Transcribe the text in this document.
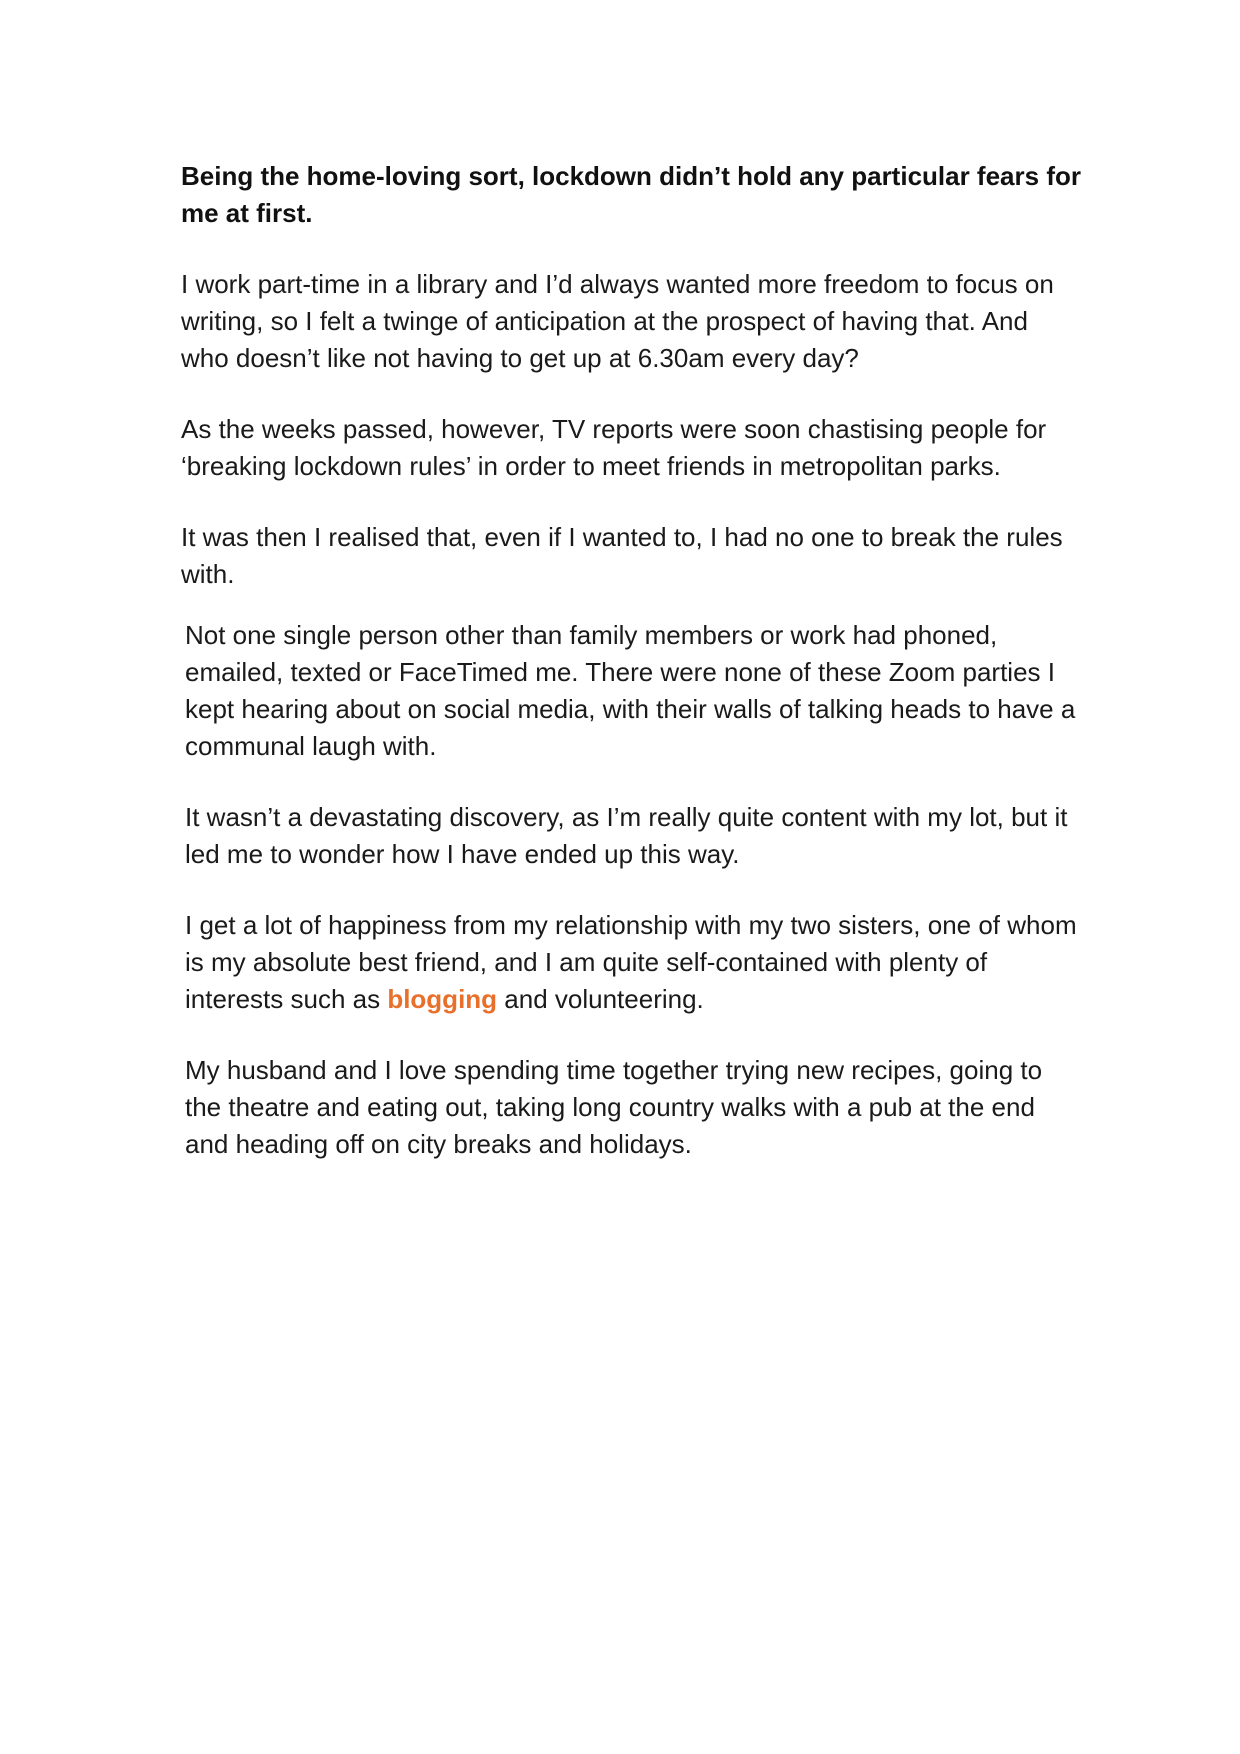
Being the home-loving sort, lockdown didn’t hold any particular fears for me at first.

I work part-time in a library and I’d always wanted more freedom to focus on writing, so I felt a twinge of anticipation at the prospect of having that. And who doesn’t like not having to get up at 6.30am every day?

As the weeks passed, however, TV reports were soon chastising people for ‘breaking lockdown rules’ in order to meet friends in metropolitan parks.

It was then I realised that, even if I wanted to, I had no one to break the rules with.

Not one single person other than family members or work had phoned, emailed, texted or FaceTimed me. There were none of these Zoom parties I kept hearing about on social media, with their walls of talking heads to have a communal laugh with.

It wasn’t a devastating discovery, as I’m really quite content with my lot, but it led me to wonder how I have ended up this way.

I get a lot of happiness from my relationship with my two sisters, one of whom is my absolute best friend, and I am quite self-contained with plenty of interests such as blogging and volunteering.

My husband and I love spending time together trying new recipes, going to the theatre and eating out, taking long country walks with a pub at the end and heading off on city breaks and holidays.
